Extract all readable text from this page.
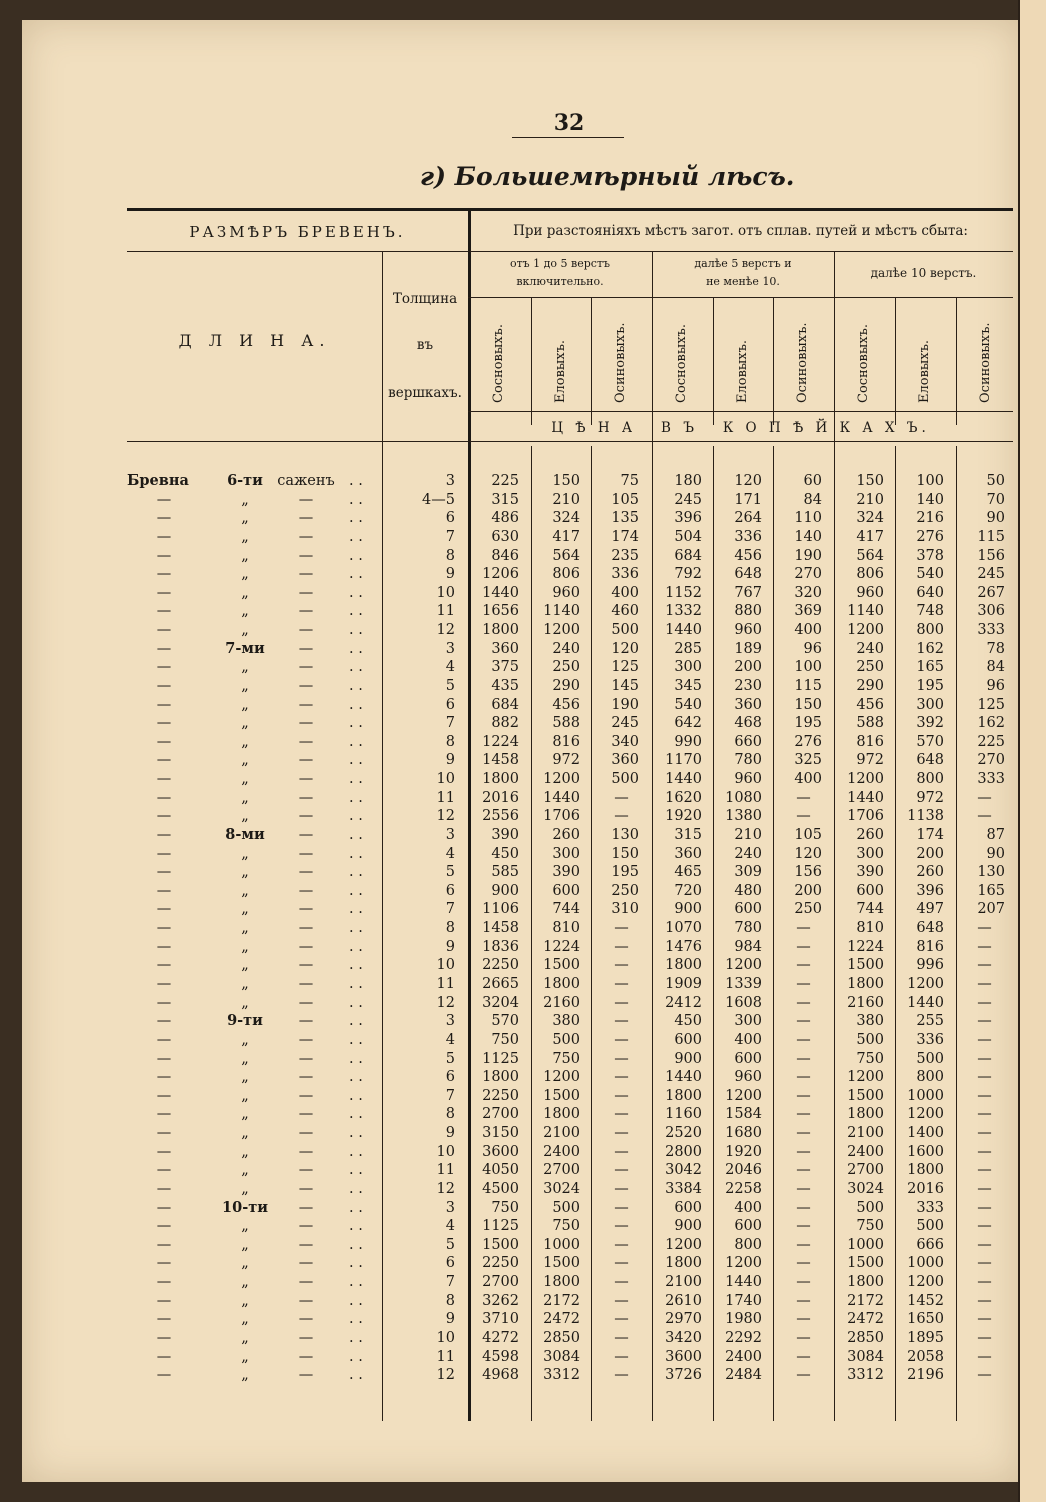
32
г) Большемѣрный лѣсъ.
РАЗМѢРЪ БРЕВЕНЪ.	При разстояніяхъ мѣстъ загот. отъ сплав. путей и мѣстъ сбыта:
Д Л И Н А.
Толщина
въ
вершкахъ.
отъ 1 до 5 верстъ
включительно.
далѣе 5 верстъ и
не менѣе 10.
далѣе 10 верстъ.
Сосновыхъ.	Еловыхъ.	Осиновыхъ.	Сосновыхъ.	Еловыхъ.	Осиновыхъ.	Сосновыхъ.	Еловыхъ.	Осиновыхъ.
Ц Ѣ Н А   В Ъ   К О П Ѣ Й К А Х Ъ.
Бревна	6-ти саженъ . .	3	225	150	75	180	120	60	150	100	50
—	„	—	. .	4—5	315	210	105	245	171	84	210	140	70
—	„	—	. .	6	486	324	135	396	264	110	324	216	90
—	„	—	. .	7	630	417	174	504	336	140	417	276	115
—	„	—	. .	8	846	564	235	684	456	190	564	378	156
—	„	—	. .	9	1206	806	336	792	648	270	806	540	245
—	„	—	. .	10	1440	960	400	1152	767	320	960	640	267
—	„	—	. .	11	1656	1140	460	1332	880	369	1140	748	306
—	„	—	. .	12	1800	1200	500	1440	960	400	1200	800	333
—	7-ми	—	. .	3	360	240	120	285	189	96	240	162	78
—	„	—	. .	4	375	250	125	300	200	100	250	165	84
—	„	—	. .	5	435	290	145	345	230	115	290	195	96
—	„	—	. .	6	684	456	190	540	360	150	456	300	125
—	„	—	. .	7	882	588	245	642	468	195	588	392	162
—	„	—	. .	8	1224	816	340	990	660	276	816	570	225
—	„	—	. .	9	1458	972	360	1170	780	325	972	648	270
—	„	—	. .	10	1800	1200	500	1440	960	400	1200	800	333
—	„	—	. .	11	2016	1440	—	1620	1080	—	1440	972	—
—	„	—	. .	12	2556	1706	—	1920	1380	—	1706	1138	—
—	8-ми	—	. .	3	390	260	130	315	210	105	260	174	87
—	„	—	. .	4	450	300	150	360	240	120	300	200	90
—	„	—	. .	5	585	390	195	465	309	156	390	260	130
—	„	—	. .	6	900	600	250	720	480	200	600	396	165
—	„	—	. .	7	1106	744	310	900	600	250	744	497	207
—	„	—	. .	8	1458	810	—	1070	780	—	810	648	—
—	„	—	. .	9	1836	1224	—	1476	984	—	1224	816	—
—	„	—	. .	10	2250	1500	—	1800	1200	—	1500	996	—
—	„	—	. .	11	2665	1800	—	1909	1339	—	1800	1200	—
—	„	—	. .	12	3204	2160	—	2412	1608	—	2160	1440	—
—	9-ти	—	. .	3	570	380	—	450	300	—	380	255	—
—	„	—	. .	4	750	500	—	600	400	—	500	336	—
—	„	—	. .	5	1125	750	—	900	600	—	750	500	—
—	„	—	. .	6	1800	1200	—	1440	960	—	1200	800	—
—	„	—	. .	7	2250	1500	—	1800	1200	—	1500	1000	—
—	„	—	. .	8	2700	1800	—	1160	1584	—	1800	1200	—
—	„	—	. .	9	3150	2100	—	2520	1680	—	2100	1400	—
—	„	—	. .	10	3600	2400	—	2800	1920	—	2400	1600	—
—	„	—	. .	11	4050	2700	—	3042	2046	—	2700	1800	—
—	„	—	. .	12	4500	3024	—	3384	2258	—	3024	2016	—
—	10-ти	—	. .	3	750	500	—	600	400	—	500	333	—
—	„	—	. .	4	1125	750	—	900	600	—	750	500	—
—	„	—	. .	5	1500	1000	—	1200	800	—	1000	666	—
—	„	—	. .	6	2250	1500	—	1800	1200	—	1500	1000	—
—	„	—	. .	7	2700	1800	—	2100	1440	—	1800	1200	—
—	„	—	. .	8	3262	2172	—	2610	1740	—	2172	1452	—
—	„	—	. .	9	3710	2472	—	2970	1980	—	2472	1650	—
—	„	—	. .	10	4272	2850	—	3420	2292	—	2850	1895	—
—	„	—	. .	11	4598	3084	—	3600	2400	—	3084	2058	—
—	„	—	. .	12	4968	3312	—	3726	2484	—	3312	2196	—
